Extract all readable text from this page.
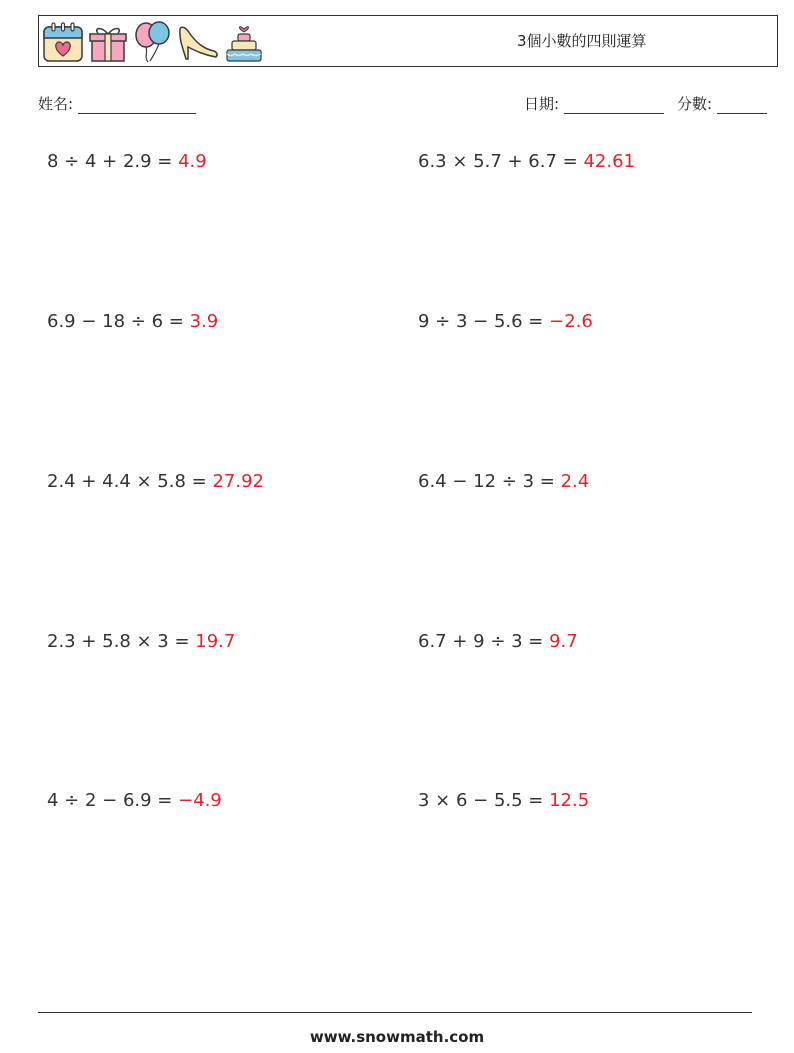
3個小數的四則運算
姓名:	日期:	分數:
8 ÷ 4 + 2.9 = 4.9	6.3 × 5.7 + 6.7 = 42.61
6.9 − 18 ÷ 6 = 3.9	9 ÷ 3 − 5.6 = −2.6
2.4 + 4.4 × 5.8 = 27.92	6.4 − 12 ÷ 3 = 2.4
2.3 + 5.8 × 3 = 19.7	6.7 + 9 ÷ 3 = 9.7
4 ÷ 2 − 6.9 = −4.9	3 × 6 − 5.5 = 12.5
www.snowmath.com
